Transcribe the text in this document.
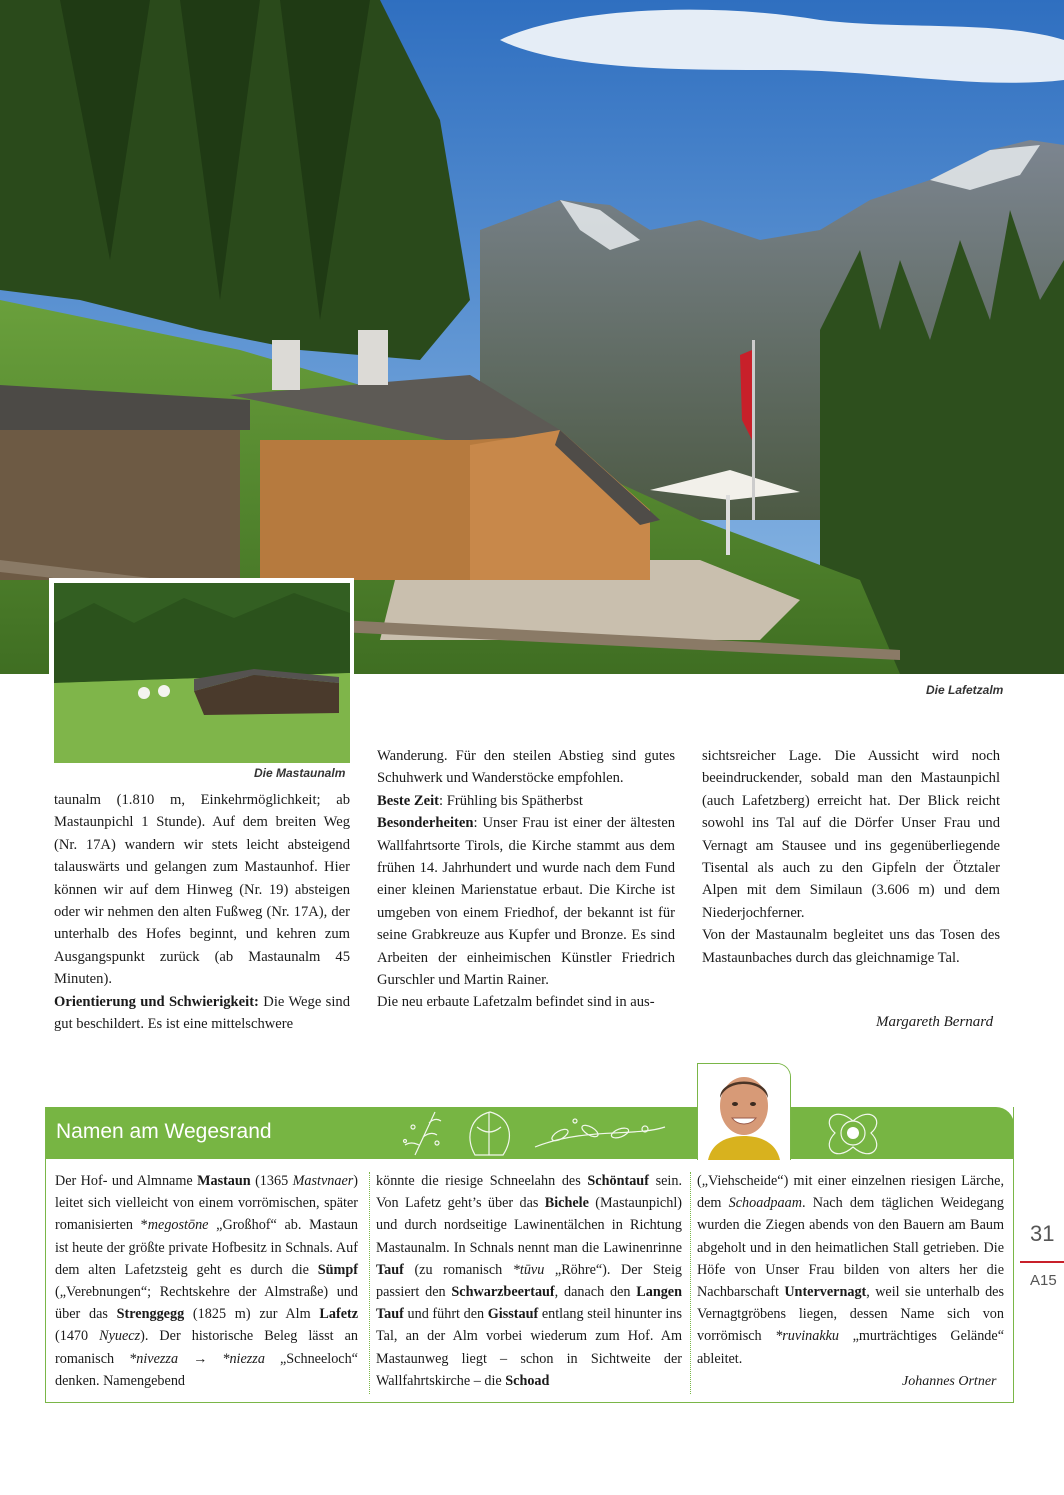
Die Lafetzalm
Die Mastaunalm

taunalm (1.810 m, Einkehrmöglichkeit; ab Mastaunpichl 1 Stunde). Auf dem breiten Weg (Nr. 17A) wandern wir stets leicht absteigend talauswärts und gelangen zum Mastaunhof. Hier können wir auf dem Hinweg (Nr. 19) absteigen oder wir nehmen den alten Fußweg (Nr. 17A), der unterhalb des Hofes beginnt, und kehren zum Ausgangspunkt zurück (ab Mastaunalm 45 Minuten).

Orientierung und Schwierigkeit: Die Wege sind gut beschildert. Es ist eine mittelschwere

Wanderung. Für den steilen Abstieg sind gutes Schuhwerk und Wanderstöcke empfohlen.

Beste Zeit: Frühling bis Spätherbst

Besonderheiten: Unser Frau ist einer der ältesten Wallfahrtsorte Tirols, die Kirche stammt aus dem frühen 14. Jahrhundert und wurde nach dem Fund einer kleinen Marienstatue erbaut. Die Kirche ist umgeben von einem Friedhof, der bekannt ist für seine Grabkreuze aus Kupfer und Bronze. Es sind Arbeiten der einheimischen Künstler Friedrich Gurschler und Martin Rainer.

Die neu erbaute Lafetzalm befindet sind in aus-

sichtsreicher Lage. Die Aussicht wird noch beeindruckender, sobald man den Mastaunpichl (auch Lafetzberg) erreicht hat. Der Blick reicht sowohl ins Tal auf die Dörfer Unser Frau und Vernagt am Stausee und ins gegenüberliegende Tisental als auch zu den Gipfeln der Ötztaler Alpen mit dem Similaun (3.606 m) und dem Niederjochferner.

Von der Mastaunalm begleitet uns das Tosen des Mastaunbaches durch das gleichnamige Tal.

Margareth Bernard
Namen am Wegesrand

Der Hof- und Almname Mastaun (1365 Mastvnaer) leitet sich vielleicht von einem vorrömischen, später romanisierten *megostōne „Großhof“ ab. Mastaun ist heute der größte private Hofbesitz in Schnals. Auf dem alten Lafetzsteig geht es durch die Sümpf („Verebnungen“; Rechtskehre der Almstraße) und über das Strenggegg (1825 m) zur Alm Lafetz (1470 Nyuecz). Der historische Beleg lässt an romanisch *nivezza → *niezza „Schneeloch“ denken. Namengebend

könnte die riesige Schneelahn des Schöntauf sein. Von Lafetz geht’s über das Bichele (Mastaunpichl) und durch nordseitige Lawinentälchen in Richtung Mastaunalm. In Schnals nennt man die Lawinenrinne Tauf (zu romanisch *tūvu „Röhre“). Der Steig passiert den Schwarzbeertauf, danach den Langen Tauf und führt den Gisstauf entlang steil hinunter ins Tal, an der Alm vorbei wiederum zum Hof. Am Mastaunweg liegt – schon in Sichtweite der Wallfahrtskirche – die Schoad

(„Viehscheide“) mit einer einzelnen riesigen Lärche, dem Schoadpaam. Nach dem täglichen Weidegang wurden die Ziegen abends von den Bauern am Baum abgeholt und in den heimatlichen Stall getrieben. Die Höfe von Unser Frau bilden von alters her die Nachbarschaft Untervernagt, weil sie unterhalb des Vernagtgröbens liegen, dessen Name sich von vorrömisch *ruvinakku „murträchtiges Gelände“ ableitet.

Johannes Ortner
31
A15
